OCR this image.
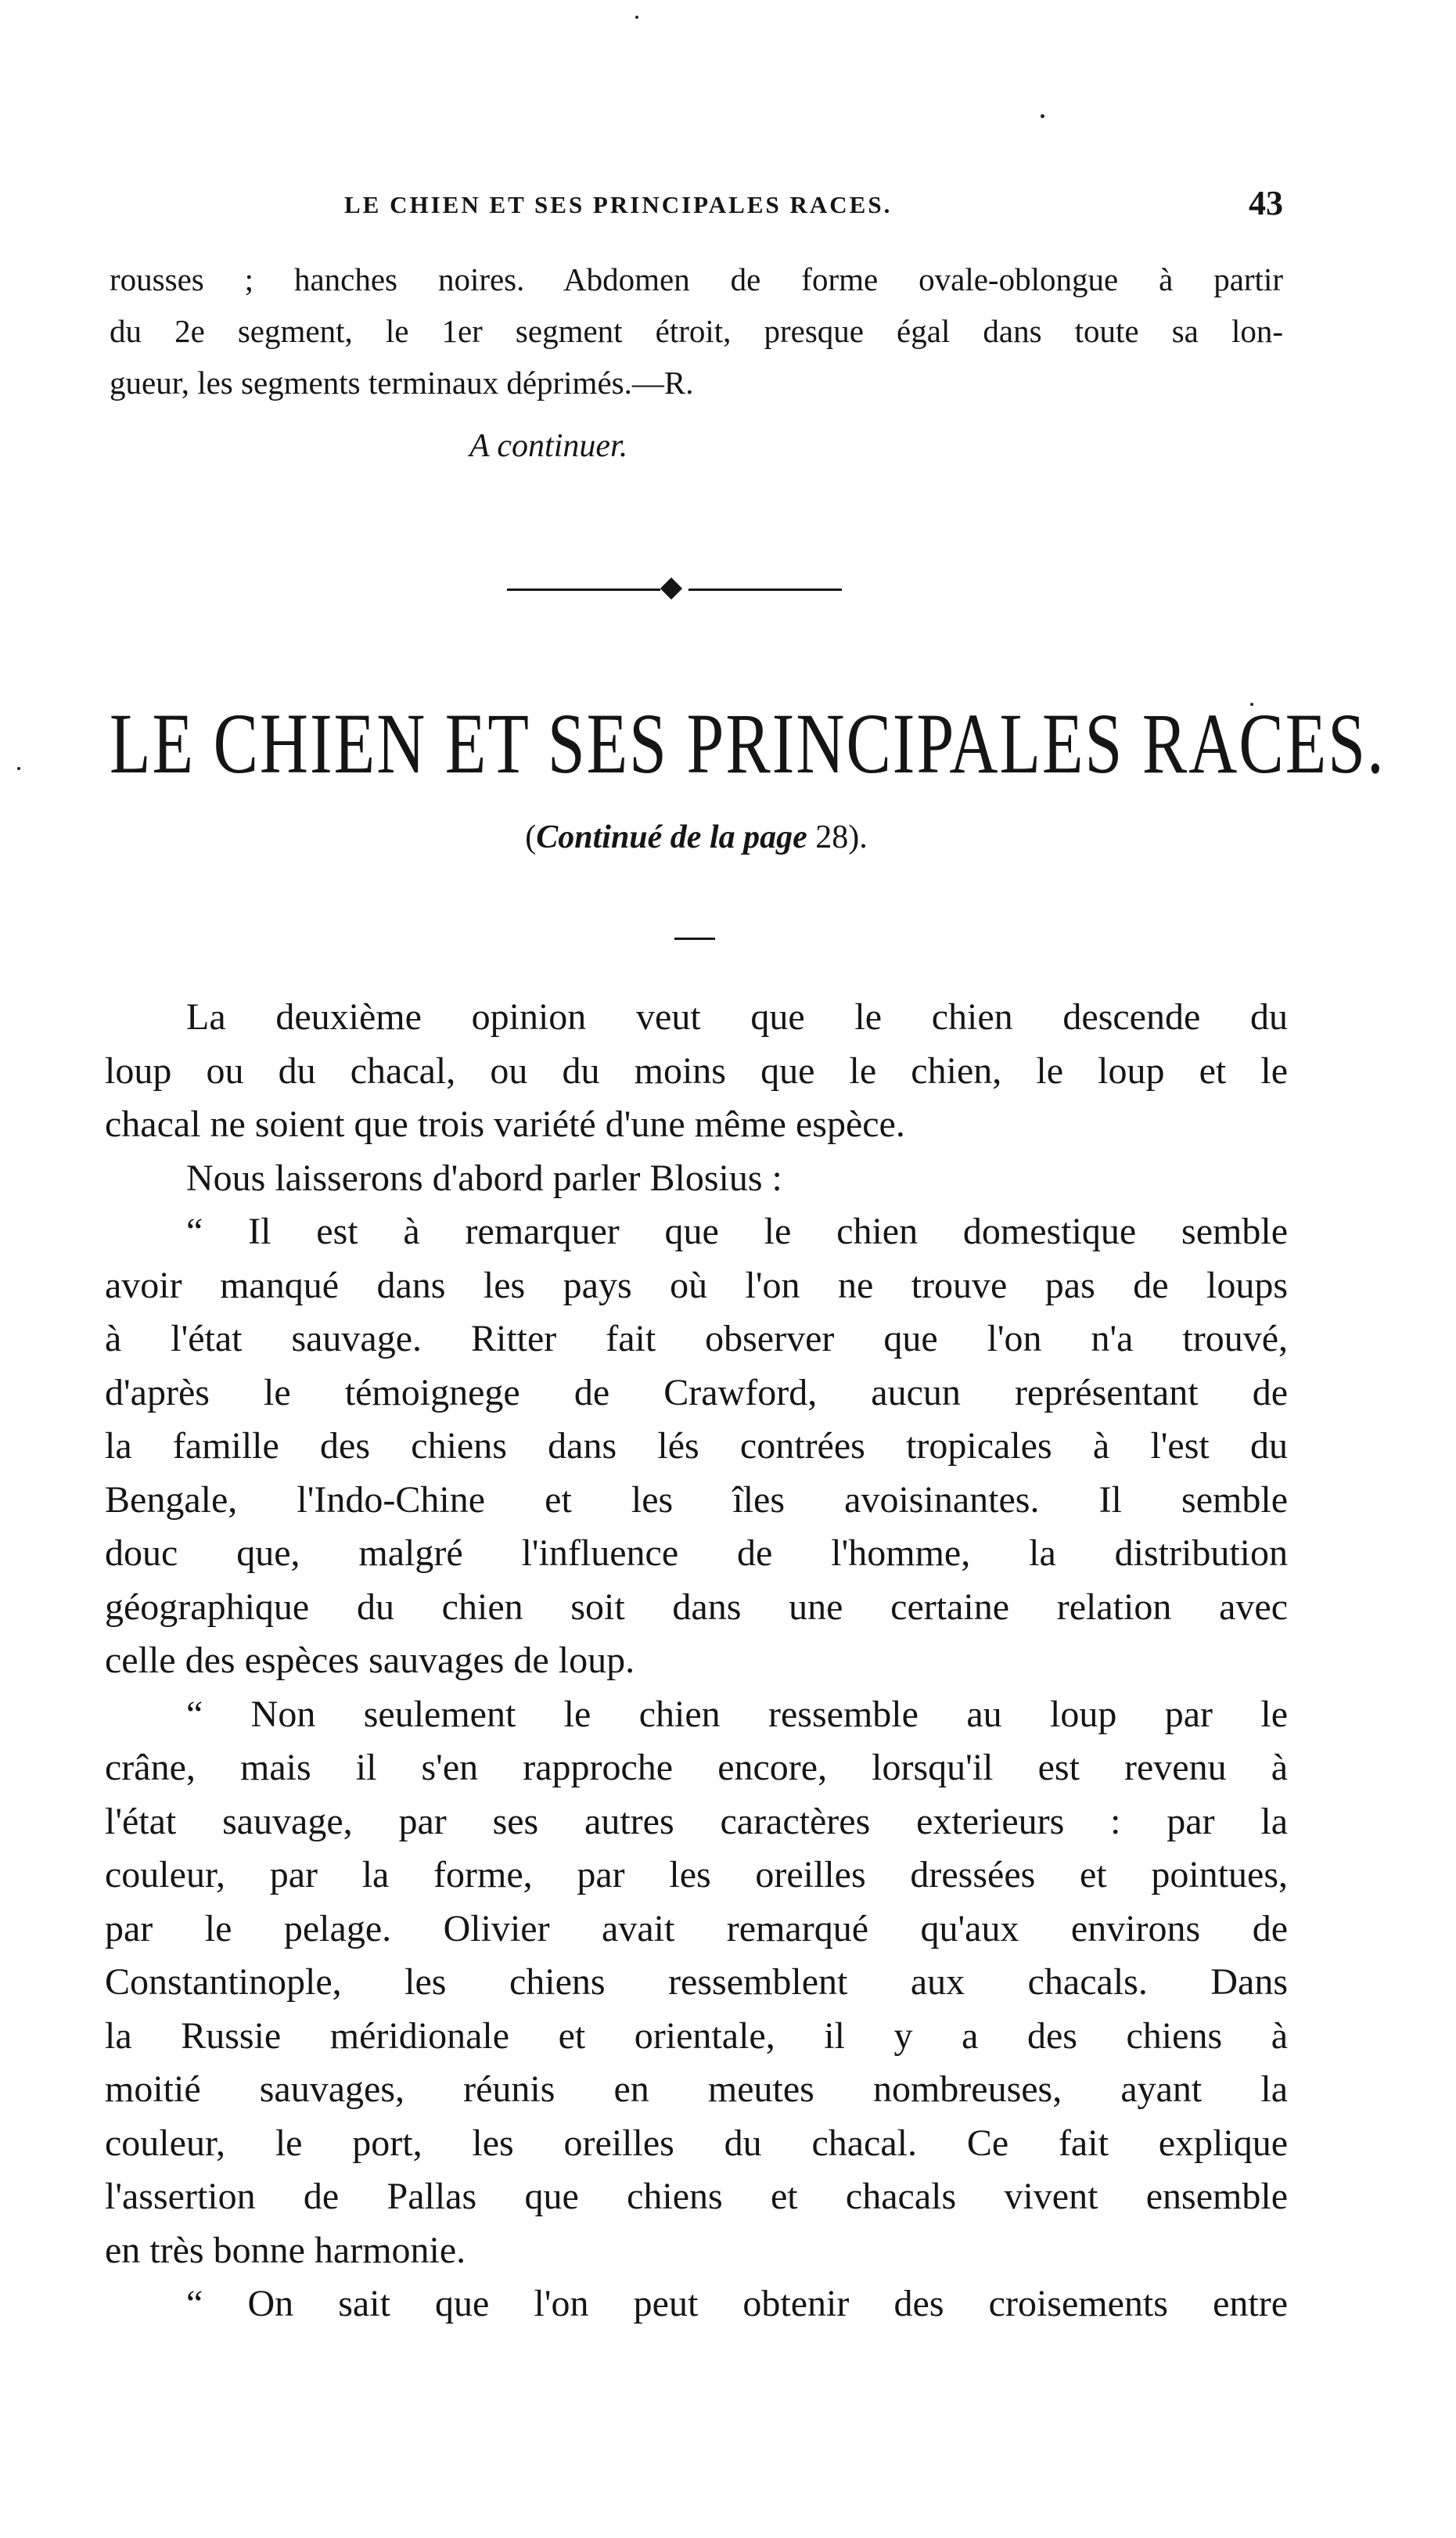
LE CHIEN ET SES PRINCIPALES RACES.	43
rousses ; hanches noires. Abdomen de forme ovale-oblongue à partir
du 2e segment, le 1er segment étroit, presque égal dans toute sa lon-
gueur, les segments terminaux déprimés.—R.
A continuer.
LE CHIEN ET SES PRINCIPALES RACES.
(Continué de la page 28).
La deuxième opinion veut que le chien descende du
loup ou du chacal, ou du moins que le chien, le loup et le
chacal ne soient que trois variété d'une même espèce.
Nous laisserons d'abord parler Blosius :
“ Il est à remarquer que le chien domestique semble
avoir manqué dans les pays où l'on ne trouve pas de loups
à l'état sauvage. Ritter fait observer que l'on n'a trouvé,
d'après le témoignege de Crawford, aucun représentant de
la famille des chiens dans lés contrées tropicales à l'est du
Bengale, l'Indo-Chine et les îles avoisinantes. Il semble
douc que, malgré l'influence de l'homme, la distribution
géographique du chien soit dans une certaine relation avec
celle des espèces sauvages de loup.
“ Non seulement le chien ressemble au loup par le
crâne, mais il s'en rapproche encore, lorsqu'il est revenu à
l'état sauvage, par ses autres caractères exterieurs : par la
couleur, par la forme, par les oreilles dressées et pointues,
par le pelage. Olivier avait remarqué qu'aux environs de
Constantinople, les chiens ressemblent aux chacals. Dans
la Russie méridionale et orientale, il y a des chiens à
moitié sauvages, réunis en meutes nombreuses, ayant la
couleur, le port, les oreilles du chacal. Ce fait explique
l'assertion de Pallas que chiens et chacals vivent ensemble
en très bonne harmonie.
“ On sait que l'on peut obtenir des croisements entre
